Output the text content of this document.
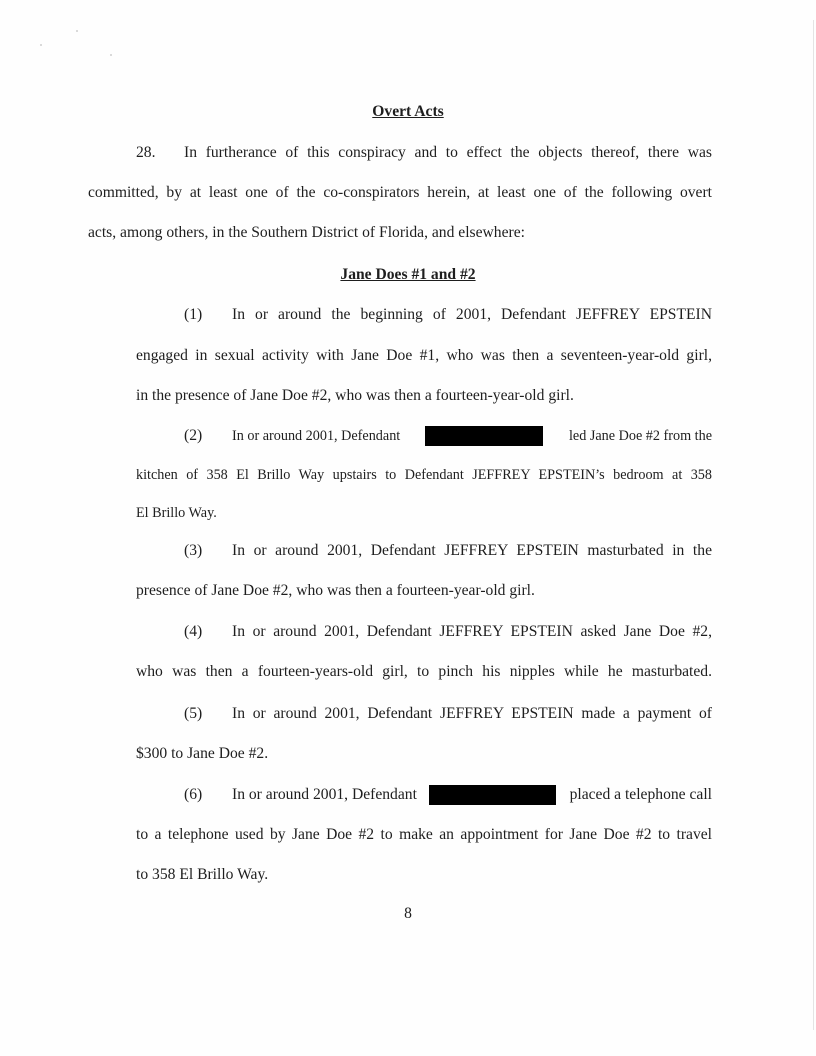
Overt Acts
28. In furtherance of this conspiracy and to effect the objects thereof, there was
committed, by at least one of the co-conspirators herein, at least one of the following overt
acts, among others, in the Southern District of Florida, and elsewhere:
Jane Does #1 and #2
(1) In or around the beginning of 2001, Defendant JEFFREY EPSTEIN
engaged in sexual activity with Jane Doe #1, who was then a seventeen-year-old girl,
in the presence of Jane Doe #2, who was then a fourteen-year-old girl.
(2) In or around 2001, Defendant	led Jane Doe #2 from the
kitchen of 358 El Brillo Way upstairs to Defendant JEFFREY EPSTEIN’s bedroom at 358
El Brillo Way.
(3) In or around 2001, Defendant JEFFREY EPSTEIN masturbated in the
presence of Jane Doe #2, who was then a fourteen-year-old girl.
(4) In or around 2001, Defendant JEFFREY EPSTEIN asked Jane Doe #2,
who was then a fourteen-years-old girl, to pinch his nipples while he masturbated.
(5) In or around 2001, Defendant JEFFREY EPSTEIN made a payment of
$300 to Jane Doe #2.
(6) In or around 2001, Defendant	placed a telephone call
to a telephone used by Jane Doe #2 to make an appointment for Jane Doe #2 to travel
to 358 El Brillo Way.
8
